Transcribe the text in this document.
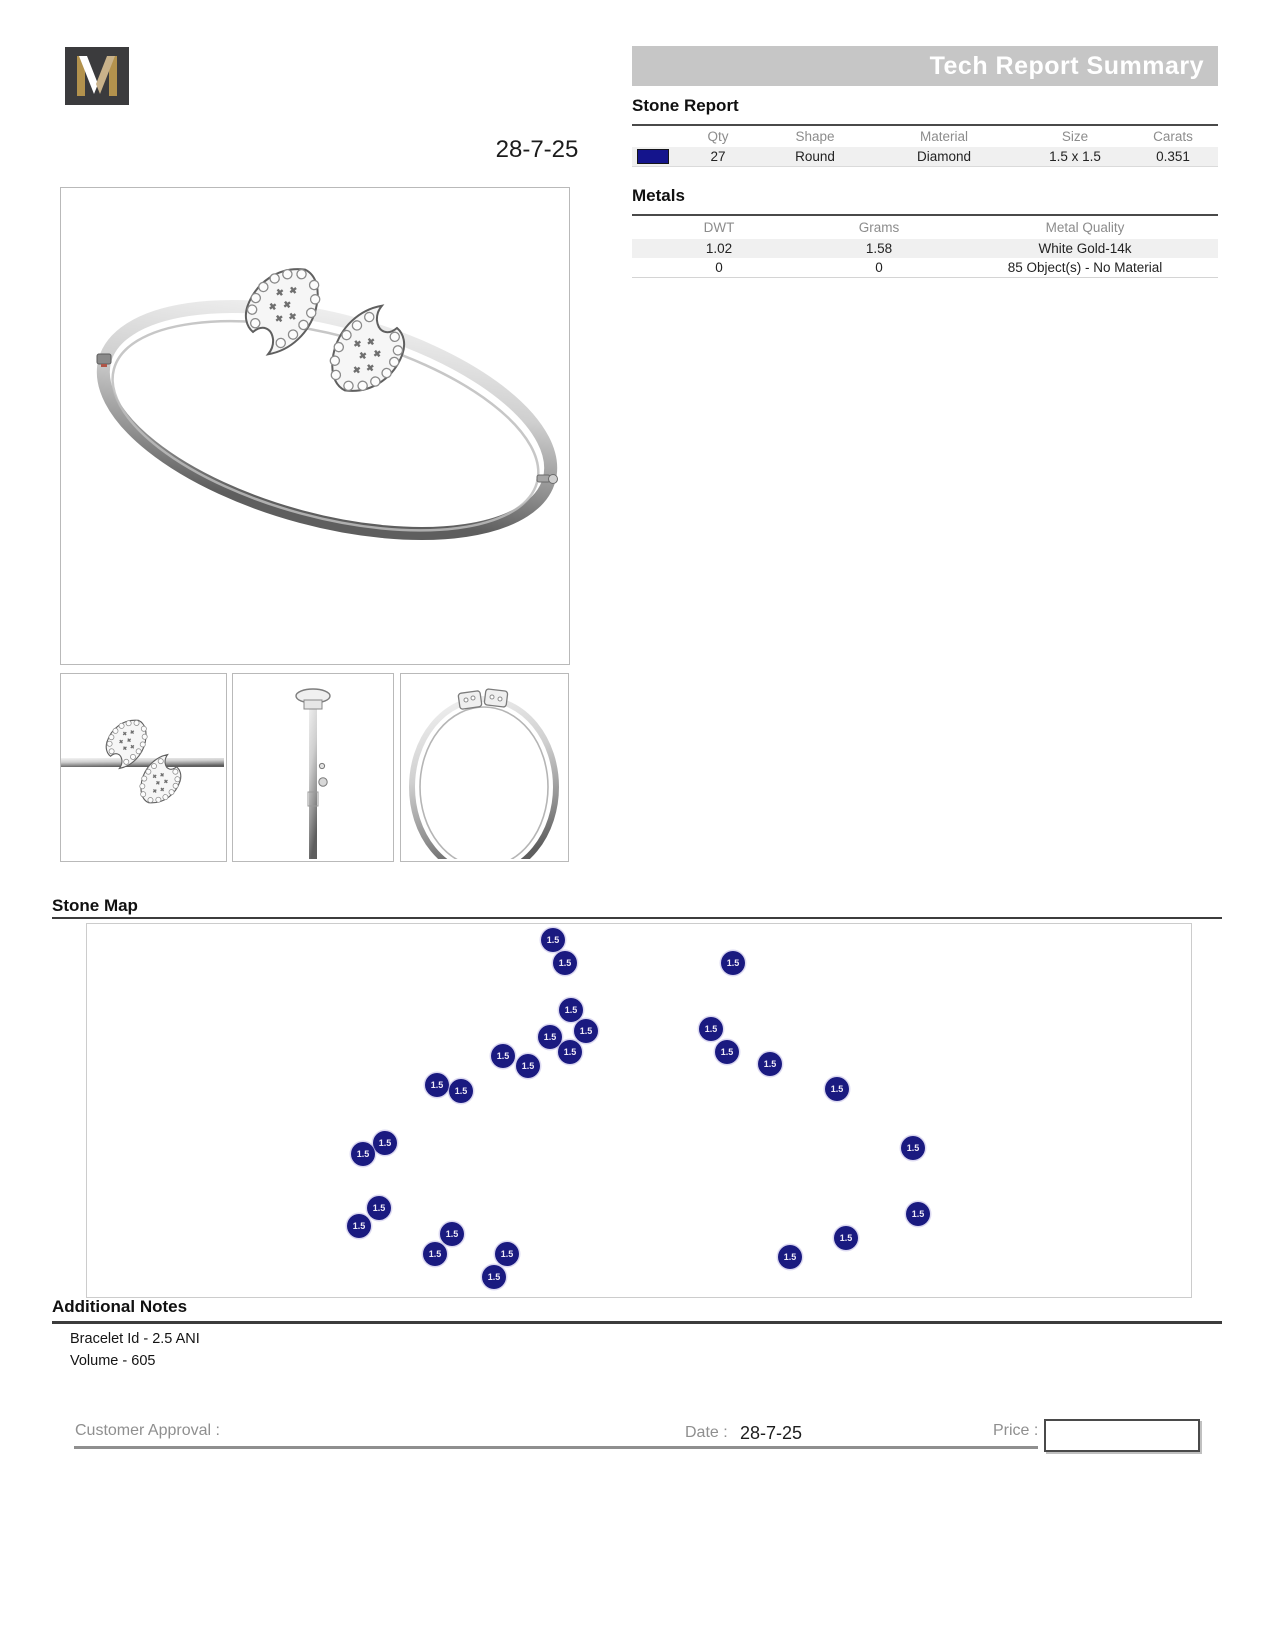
28-7-25
Tech Report Summary
Stone Report
Qty	Shape	Material	Size	Carats
27	Round	Diamond	1.5 x 1.5	0.351
Metals
DWT	Grams	Metal Quality
1.02	1.58	White Gold-14k
0	0	85 Object(s) - No Material
Stone Map
1.5
1.5	1.5
1.5
1.5
1.5
1.5
1.5
1.5
1.5
1.5
1.5
1.5
1.5	1.5
1.5
1.5
1.5
1.5
1.5
1.5
1.5
1.5	1.5
1.5
1.5
1.5
Additional Notes
Bracelet Id - 2.5 ANI
Volume - 605
Customer Approval :	Date : 28-7-25	Price :
